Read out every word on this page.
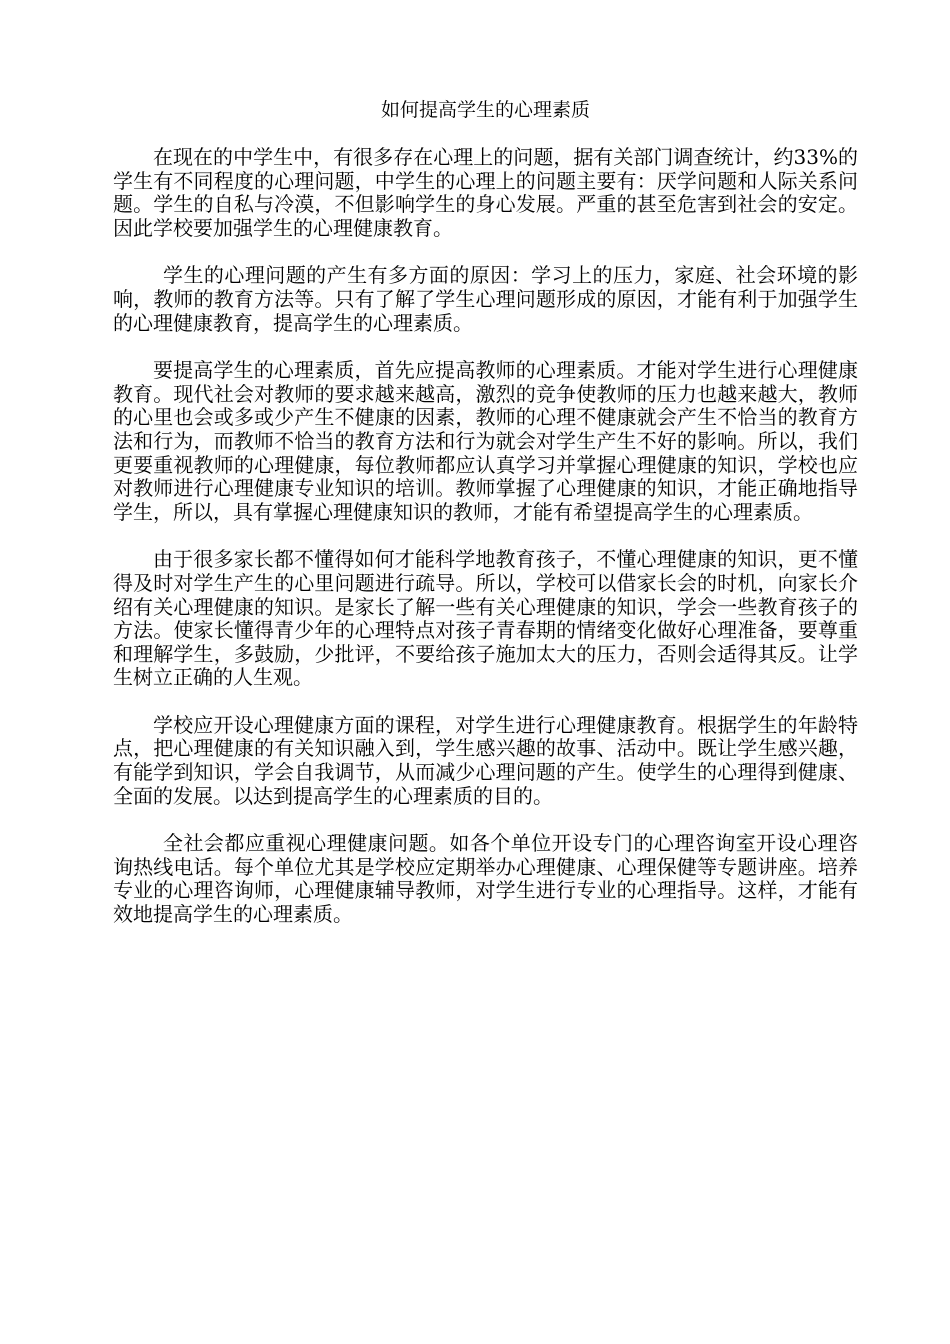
如何提高学生的心理素质

在现在的中学生中，有很多存在心理上的问题，据有关部门调查统计，约33%的学生有不同程度的心理问题，中学生的心理上的问题主要有：厌学问题和人际关系问题。学生的自私与冷漠，不但影响学生的身心发展。严重的甚至危害到社会的安定。因此学校要加强学生的心理健康教育。

学生的心理问题的产生有多方面的原因：学习上的压力，家庭、社会环境的影响，教师的教育方法等。只有了解了学生心理问题形成的原因，才能有利于加强学生的心理健康教育，提高学生的心理素质。

要提高学生的心理素质，首先应提高教师的心理素质。才能对学生进行心理健康教育。现代社会对教师的要求越来越高，激烈的竞争使教师的压力也越来越大，教师的心里也会或多或少产生不健康的因素，教师的心理不健康就会产生不恰当的教育方法和行为，而教师不恰当的教育方法和行为就会对学生产生不好的影响。所以，我们更要重视教师的心理健康，每位教师都应认真学习并掌握心理健康的知识，学校也应对教师进行心理健康专业知识的培训。教师掌握了心理健康的知识，才能正确地指导学生，所以，具有掌握心理健康知识的教师，才能有希望提高学生的心理素质。

由于很多家长都不懂得如何才能科学地教育孩子，不懂心理健康的知识，更不懂得及时对学生产生的心里问题进行疏导。所以，学校可以借家长会的时机，向家长介绍有关心理健康的知识。是家长了解一些有关心理健康的知识，学会一些教育孩子的方法。使家长懂得青少年的心理特点对孩子青春期的情绪变化做好心理准备，要尊重和理解学生，多鼓励，少批评，不要给孩子施加太大的压力，否则会适得其反。让学生树立正确的人生观。

学校应开设心理健康方面的课程，对学生进行心理健康教育。根据学生的年龄特点，把心理健康的有关知识融入到，学生感兴趣的故事、活动中。既让学生感兴趣，有能学到知识，学会自我调节，从而减少心理问题的产生。使学生的心理得到健康、全面的发展。以达到提高学生的心理素质的目的。

全社会都应重视心理健康问题。如各个单位开设专门的心理咨询室开设心理咨询热线电话。每个单位尤其是学校应定期举办心理健康、心理保健等专题讲座。培养专业的心理咨询师，心理健康辅导教师，对学生进行专业的心理指导。这样，才能有效地提高学生的心理素质。
